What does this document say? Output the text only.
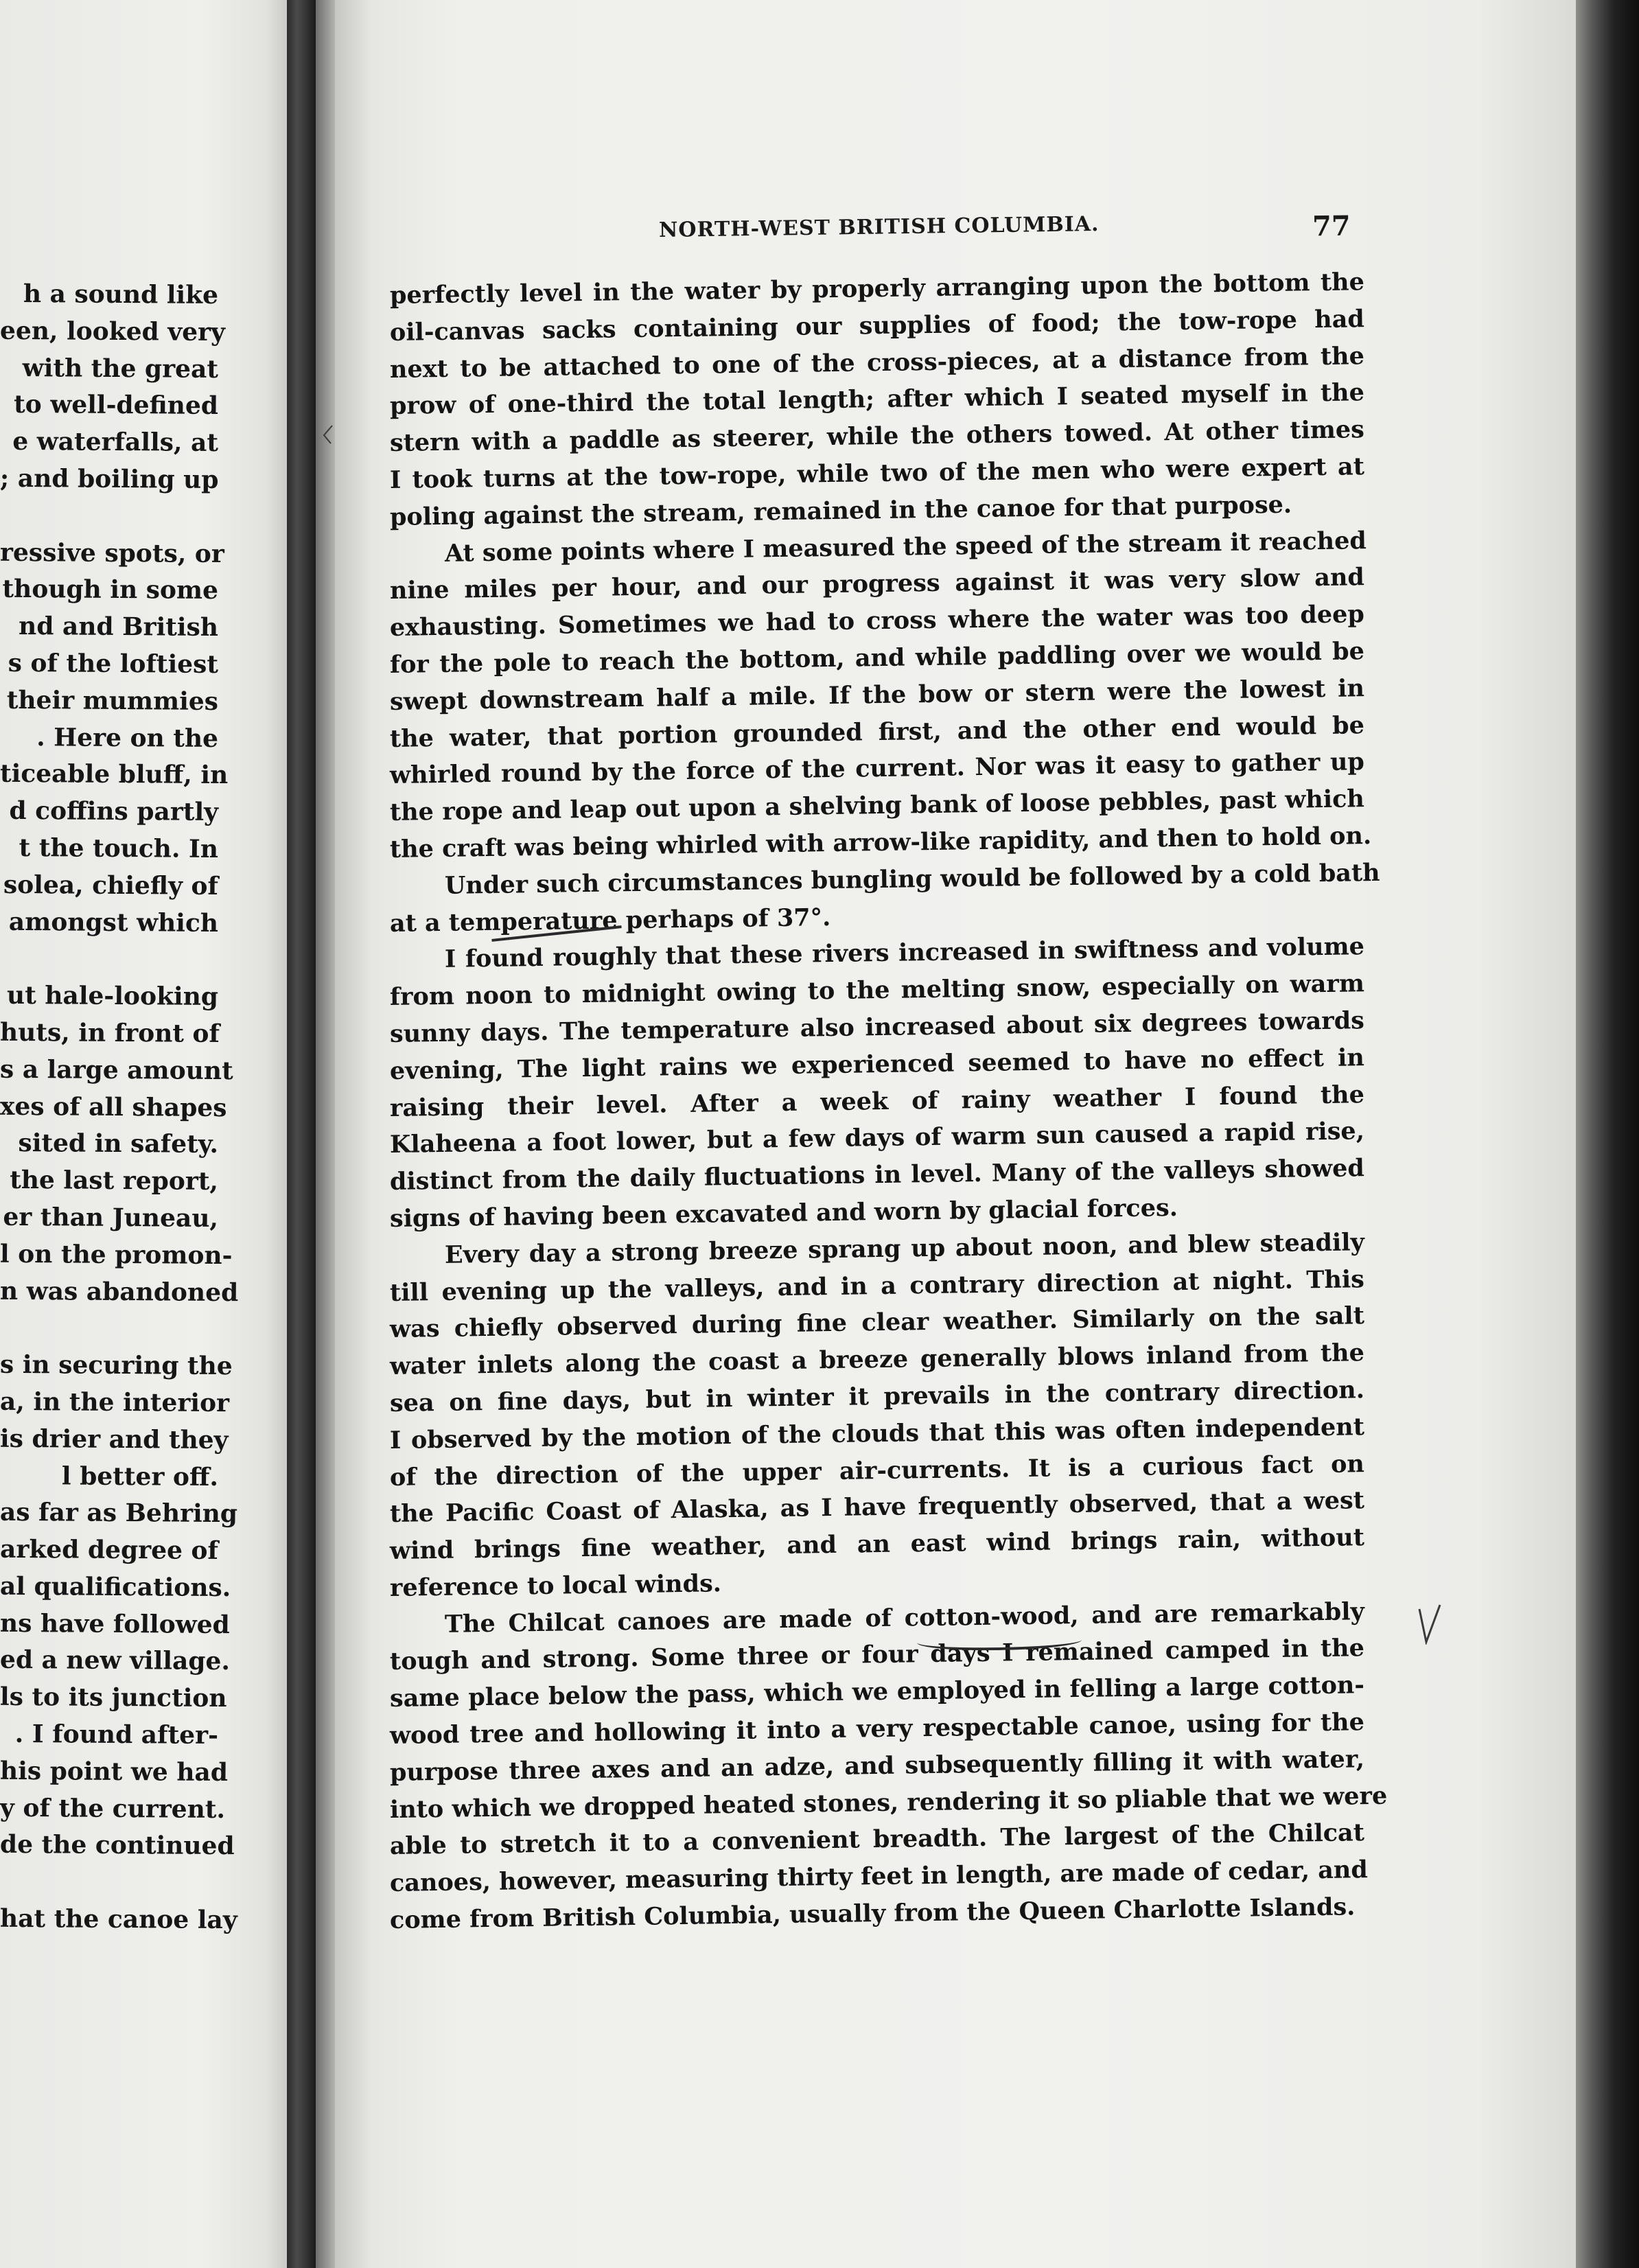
h a sound like
een, looked very
with the great
to well-defined
e waterfalls, at
; and boiling up
ressive spots, or
though in some
nd and British
s of the loftiest
their mummies
. Here on the
ticeable bluff, in
d coffins partly
t the touch. In
solea, chiefly of
amongst which
ut hale-looking
huts, in front of
s a large amount
xes of all shapes
sited in safety.
the last report,
er than Juneau,
l on the promon-
n was abandoned
s in securing the
a, in the interior
is drier and they
l better off.
as far as Behring
arked degree of
al qualifications.
ns have followed
ed a new village.
ls to its junction
. I found after-
his point we had
y of the current.
de the continued
hat the canoe lay
NORTH-WEST BRITISH COLUMBIA.	77
perfectly level in the water by properly arranging upon the bottom the
oil-canvas sacks containing our supplies of food; the tow-rope had
next to be attached to one of the cross-pieces, at a distance from the
prow of one-third the total length; after which I seated myself in the
stern with a paddle as steerer, while the others towed. At other times
I took turns at the tow-rope, while two of the men who were expert at
poling against the stream, remained in the canoe for that purpose.
At some points where I measured the speed of the stream it reached
nine miles per hour, and our progress against it was very slow and
exhausting. Sometimes we had to cross where the water was too deep
for the pole to reach the bottom, and while paddling over we would be
swept downstream half a mile. If the bow or stern were the lowest in
the water, that portion grounded first, and the other end would be
whirled round by the force of the current. Nor was it easy to gather up
the rope and leap out upon a shelving bank of loose pebbles, past which
the craft was being whirled with arrow-like rapidity, and then to hold on.
Under such circumstances bungling would be followed by a cold bath
at a temperature perhaps of 37°.
I found roughly that these rivers increased in swiftness and volume
from noon to midnight owing to the melting snow, especially on warm
sunny days. The temperature also increased about six degrees towards
evening, The light rains we experienced seemed to have no effect in
raising their level. After a week of rainy weather I found the
Klaheena a foot lower, but a few days of warm sun caused a rapid rise,
distinct from the daily fluctuations in level. Many of the valleys showed
signs of having been excavated and worn by glacial forces.
Every day a strong breeze sprang up about noon, and blew steadily
till evening up the valleys, and in a contrary direction at night. This
was chiefly observed during fine clear weather. Similarly on the salt
water inlets along the coast a breeze generally blows inland from the
sea on fine days, but in winter it prevails in the contrary direction.
I observed by the motion of the clouds that this was often independent
of the direction of the upper air-currents. It is a curious fact on
the Pacific Coast of Alaska, as I have frequently observed, that a west
wind brings fine weather, and an east wind brings rain, without
reference to local winds.
The Chilcat canoes are made of cotton-wood, and are remarkably
tough and strong. Some three or four days I remained camped in the
same place below the pass, which we employed in felling a large cotton-
wood tree and hollowing it into a very respectable canoe, using for the
purpose three axes and an adze, and subsequently filling it with water,
into which we dropped heated stones, rendering it so pliable that we were
able to stretch it to a convenient breadth. The largest of the Chilcat
canoes, however, measuring thirty feet in length, are made of cedar, and
come from British Columbia, usually from the Queen Charlotte Islands.
